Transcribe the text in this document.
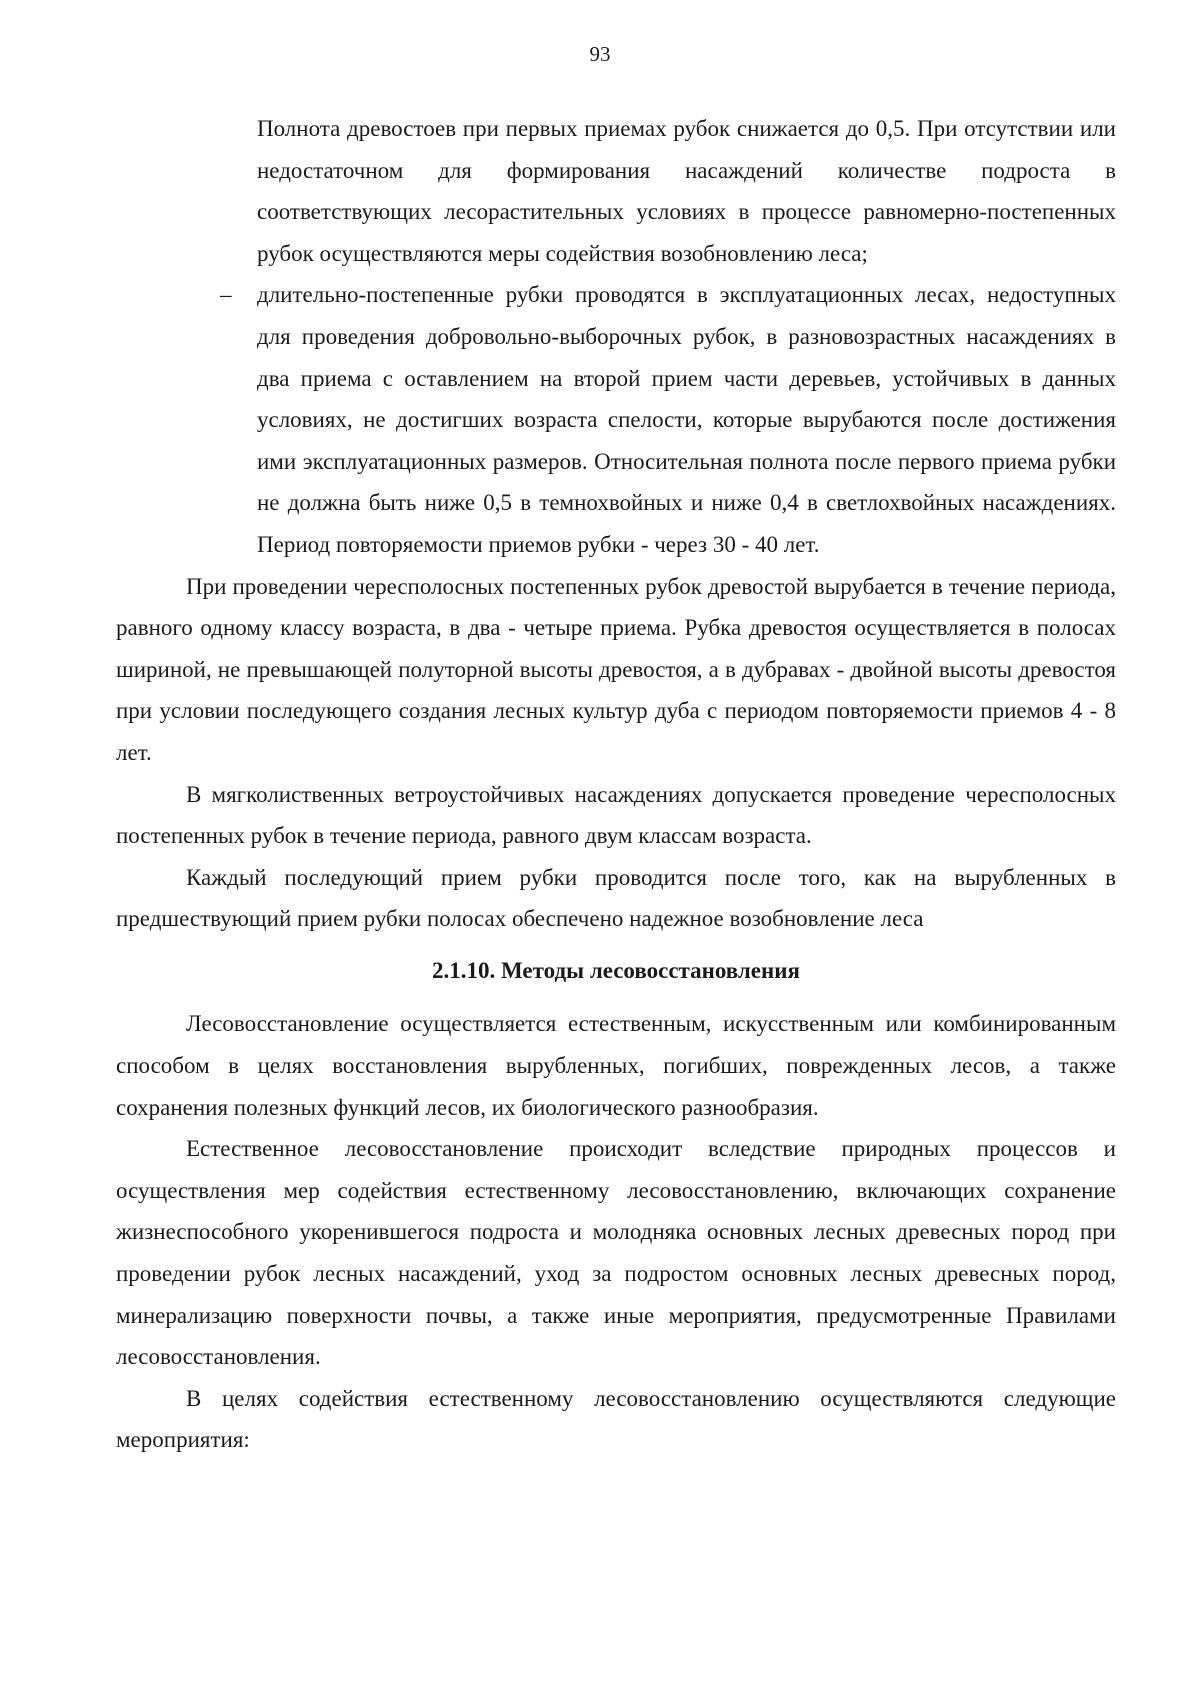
93

Полнота древостоев при первых приемах рубок снижается до 0,5. При отсутствии или недостаточном для формирования насаждений количестве подроста в соответствующих лесорастительных условиях в процессе равномерно-постепенных рубок осуществляются меры содействия возобновлению леса;

– длительно-постепенные рубки проводятся в эксплуатационных лесах, недоступных для проведения добровольно-выборочных рубок, в разновозрастных насаждениях в два приема с оставлением на второй прием части деревьев, устойчивых в данных условиях, не достигших возраста спелости, которые вырубаются после достижения ими эксплуатационных размеров. Относительная полнота после первого приема рубки не должна быть ниже 0,5 в темнохвойных и ниже 0,4 в светлохвойных насаждениях. Период повторяемости приемов рубки - через 30 - 40 лет.

При проведении чересполосных постепенных рубок древостой вырубается в течение периода, равного одному классу возраста, в два - четыре приема. Рубка древостоя осуществляется в полосах шириной, не превышающей полуторной высоты древостоя, а в дубравах - двойной высоты древостоя при условии последующего создания лесных культур дуба с периодом повторяемости приемов 4 - 8 лет.

В мягколиственных ветроустойчивых насаждениях допускается проведение чересполосных постепенных рубок в течение периода, равного двум классам возраста.

Каждый последующий прием рубки проводится после того, как на вырубленных в предшествующий прием рубки полосах обеспечено надежное возобновление леса

2.1.10. Методы лесовосстановления

Лесовосстановление осуществляется естественным, искусственным или комбинированным способом в целях восстановления вырубленных, погибших, поврежденных лесов, а также сохранения полезных функций лесов, их биологического разнообразия.

Естественное лесовосстановление происходит вследствие природных процессов и осуществления мер содействия естественному лесовосстановлению, включающих сохранение жизнеспособного укоренившегося подроста и молодняка основных лесных древесных пород при проведении рубок лесных насаждений, уход за подростом основных лесных древесных пород, минерализацию поверхности почвы, а также иные мероприятия, предусмотренные Правилами лесовосстановления.

В целях содействия естественному лесовосстановлению осуществляются следующие мероприятия:
